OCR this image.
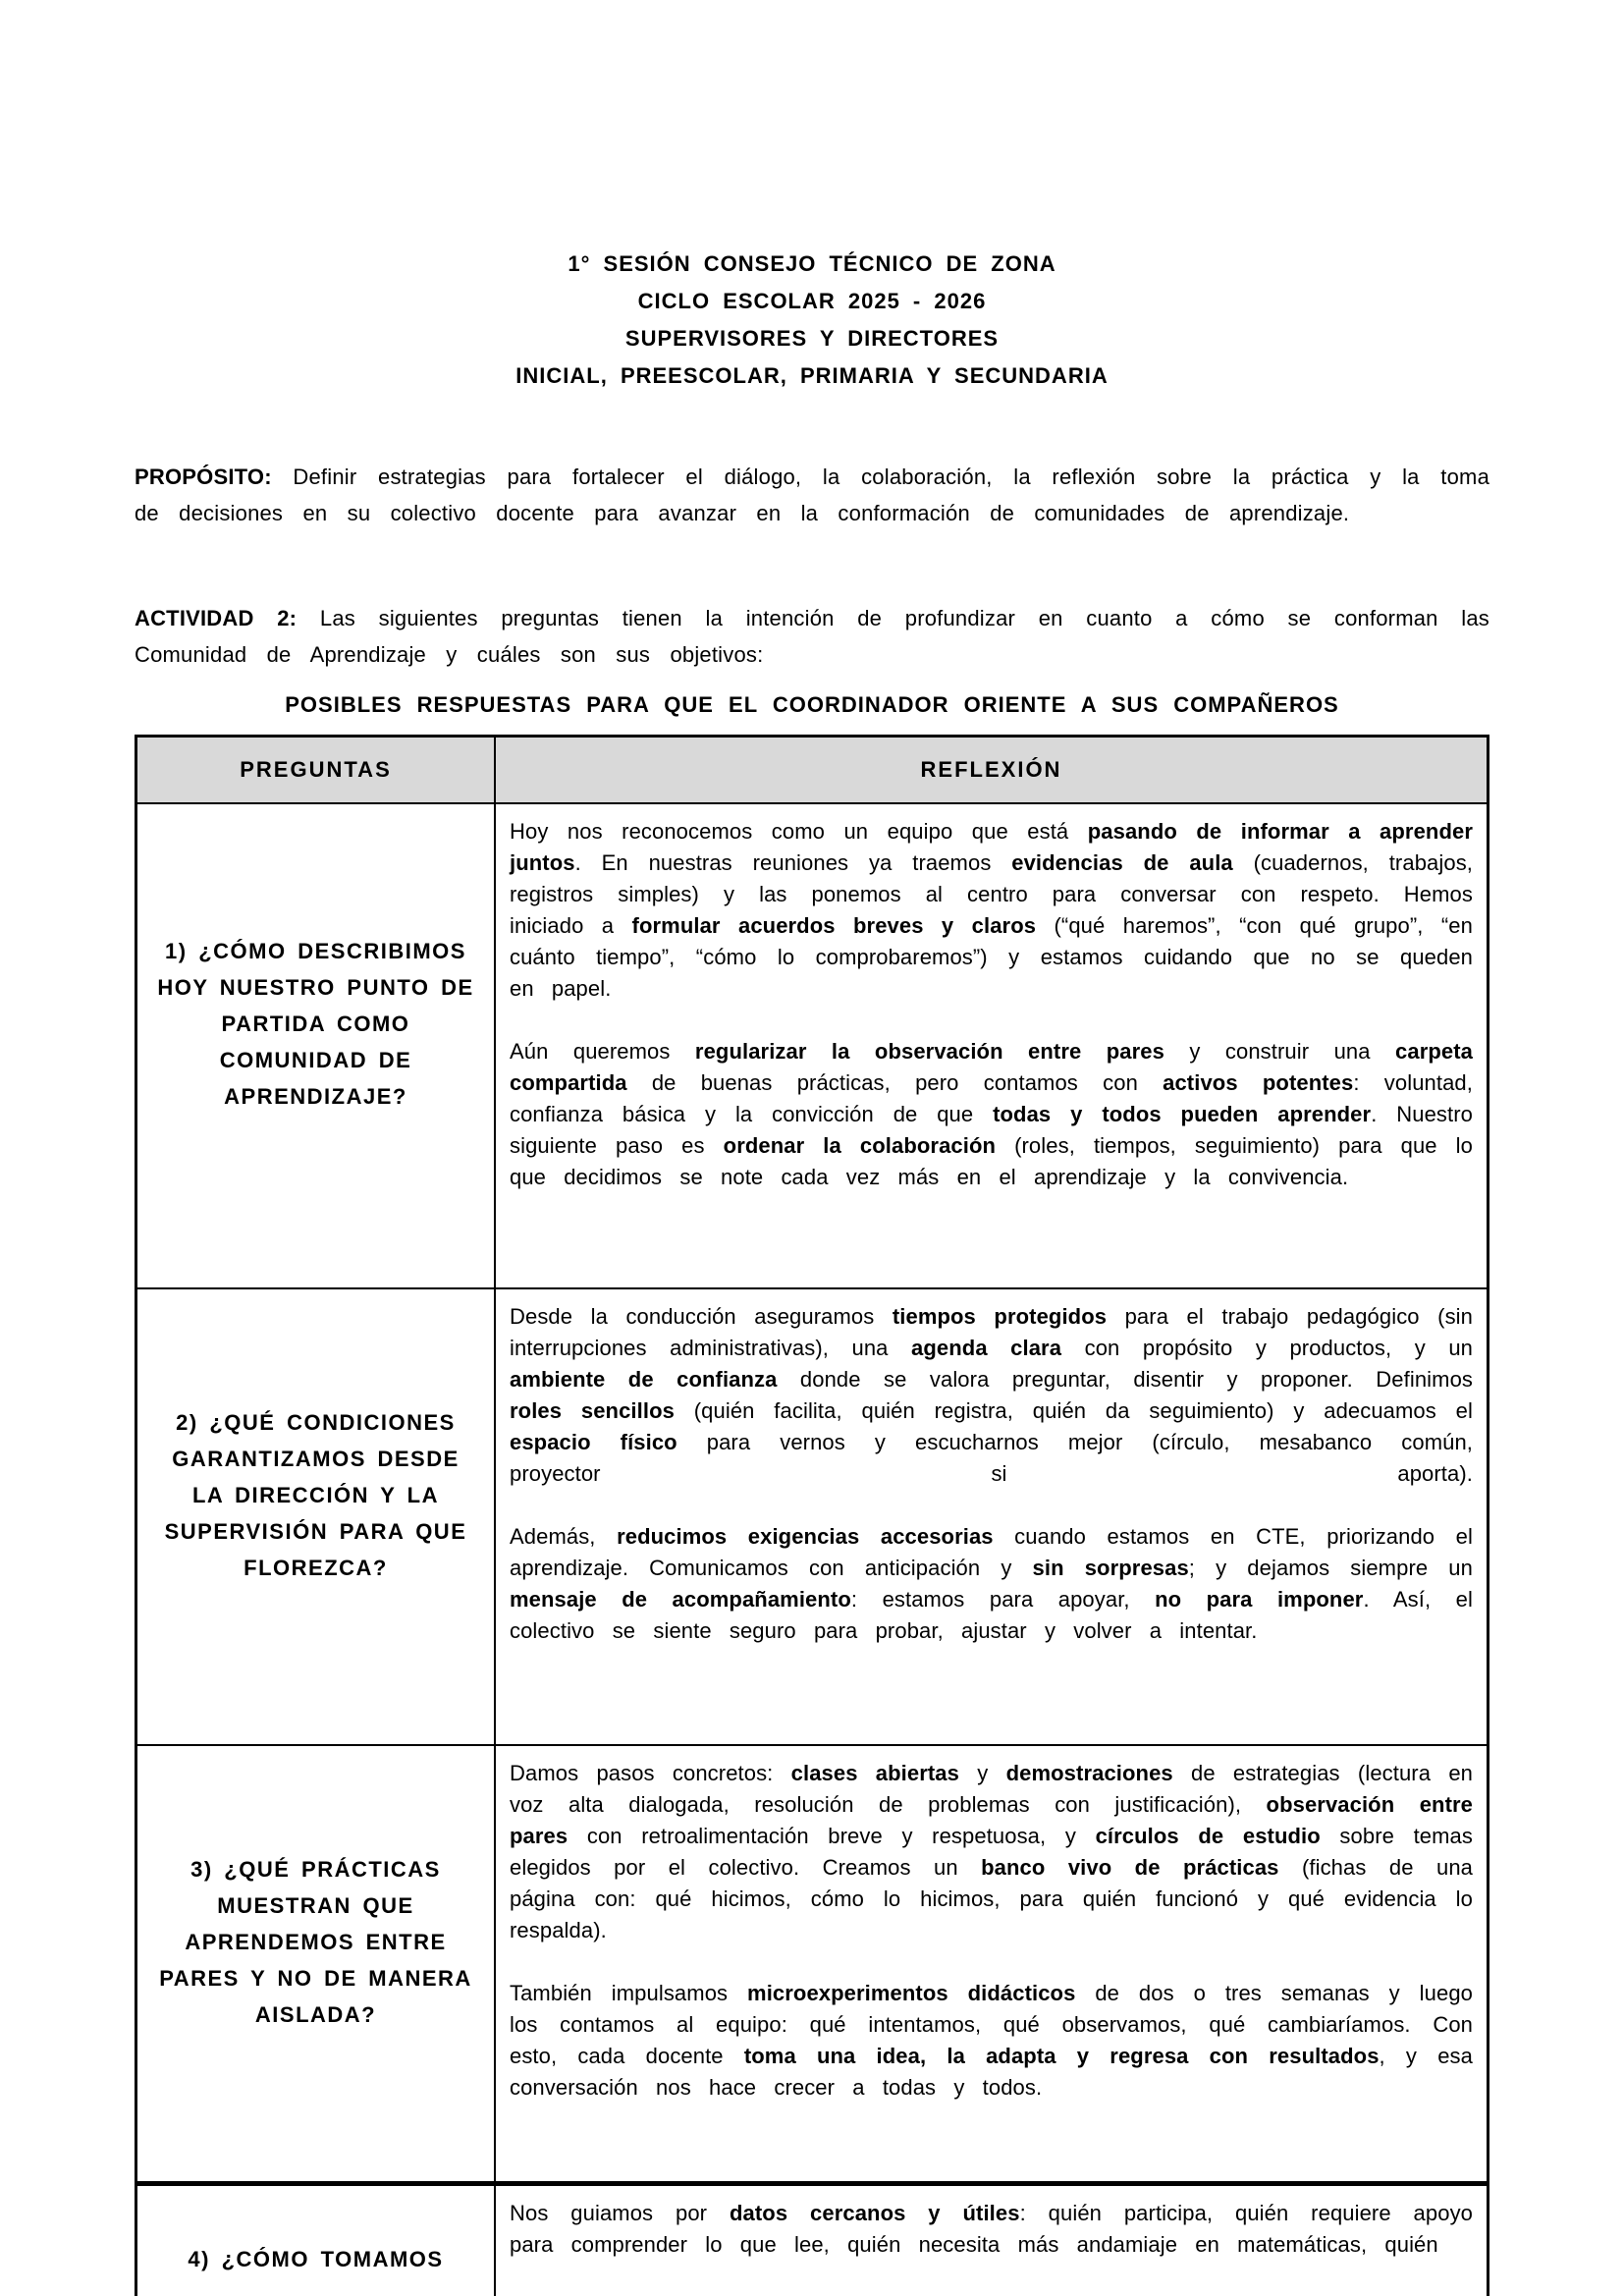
1° SESIÓN CONSEJO TÉCNICO DE ZONA
CICLO ESCOLAR 2025 - 2026
SUPERVISORES Y DIRECTORES
INICIAL, PREESCOLAR, PRIMARIA Y SECUNDARIA
PROPÓSITO: Definir estrategias para fortalecer el diálogo, la colaboración, la reflexión sobre la práctica y la toma de decisiones en su colectivo docente para avanzar en la conformación de comunidades de aprendizaje.
ACTIVIDAD 2: Las siguientes preguntas tienen la intención de profundizar en cuanto a cómo se conforman las Comunidad de Aprendizaje y cuáles son sus objetivos:
POSIBLES RESPUESTAS PARA QUE EL COORDINADOR ORIENTE A SUS COMPAÑEROS
PREGUNTAS	REFLEXIÓN

1) ¿CÓMO DESCRIBIMOS HOY NUESTRO PUNTO DE PARTIDA COMO COMUNIDAD DE APRENDIZAJE?	Hoy nos reconocemos como un equipo que está pasando de informar a aprender juntos. En nuestras reuniones ya traemos evidencias de aula (cuadernos, trabajos, registros simples) y las ponemos al centro para conversar con respeto. Hemos iniciado a formular acuerdos breves y claros (“qué haremos”, “con qué grupo”, “en cuánto tiempo”, “cómo lo comprobaremos”) y estamos cuidando que no se queden en papel.

Aún queremos regularizar la observación entre pares y construir una carpeta compartida de buenas prácticas, pero contamos con activos potentes: voluntad, confianza básica y la convicción de que todas y todos pueden aprender. Nuestro siguiente paso es ordenar la colaboración (roles, tiempos, seguimiento) para que lo que decidimos se note cada vez más en el aprendizaje y la convivencia.

2) ¿QUÉ CONDICIONES GARANTIZAMOS DESDE LA DIRECCIÓN Y LA SUPERVISIÓN PARA QUE FLOREZCA?	Desde la conducción aseguramos tiempos protegidos para el trabajo pedagógico (sin interrupciones administrativas), una agenda clara con propósito y productos, y un ambiente de confianza donde se valora preguntar, disentir y proponer. Definimos roles sencillos (quién facilita, quién registra, quién da seguimiento) y adecuamos el espacio físico para vernos y escucharnos mejor (círculo, mesabanco común, proyector si aporta).

Además, reducimos exigencias accesorias cuando estamos en CTE, priorizando el aprendizaje. Comunicamos con anticipación y sin sorpresas; y dejamos siempre un mensaje de acompañamiento: estamos para apoyar, no para imponer. Así, el colectivo se siente seguro para probar, ajustar y volver a intentar.

3) ¿QUÉ PRÁCTICAS MUESTRAN QUE APRENDEMOS ENTRE PARES Y NO DE MANERA AISLADA?	Damos pasos concretos: clases abiertas y demostraciones de estrategias (lectura en voz alta dialogada, resolución de problemas con justificación), observación entre pares con retroalimentación breve y respetuosa, y círculos de estudio sobre temas elegidos por el colectivo. Creamos un banco vivo de prácticas (fichas de una página con: qué hicimos, cómo lo hicimos, para quién funcionó y qué evidencia lo respalda).

También impulsamos microexperimentos didácticos de dos o tres semanas y luego los contamos al equipo: qué intentamos, qué observamos, qué cambiaríamos. Con esto, cada docente toma una idea, la adapta y regresa con resultados, y esa conversación nos hace crecer a todas y todos.

4) ¿CÓMO TOMAMOS	Nos guiamos por datos cercanos y útiles: quién participa, quién requiere apoyo para comprender lo que lee, quién necesita más andamiaje en matemáticas, quién
